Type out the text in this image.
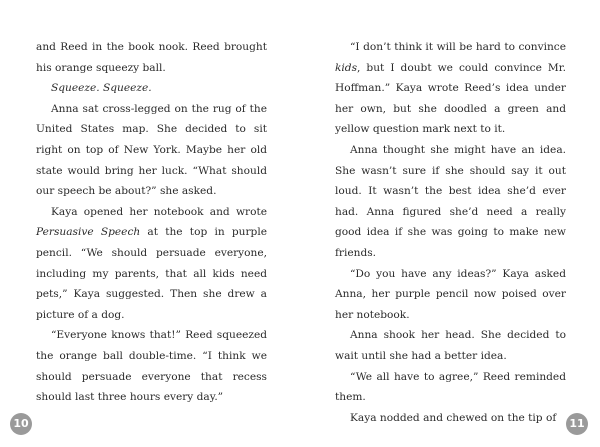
and Reed in the book nook. Reed brought his orange squeezy ball.

Squeeze. Squeeze.

Anna sat cross-legged on the rug of the United States map. She decided to sit right on top of New York. Maybe her old state would bring her luck. “What should our speech be about?” she asked.

Kaya opened her notebook and wrote Persuasive Speech at the top in purple pencil. “We should persuade everyone, including my parents, that all kids need pets,” Kaya suggested. Then she drew a picture of a dog.

“Everyone knows that!” Reed squeezed the orange ball double-time. “I think we should persuade everyone that recess should last three hours every day.”

“I don’t think it will be hard to convince kids, but I doubt we could convince Mr. Hoffman.” Kaya wrote Reed’s idea under her own, but she doodled a green and yellow question mark next to it.

Anna thought she might have an idea. She wasn’t sure if she should say it out loud. It wasn’t the best idea she’d ever had. Anna figured she’d need a really good idea if she was going to make new friends.

“Do you have any ideas?” Kaya asked Anna, her purple pencil now poised over her notebook.

Anna shook her head. She decided to wait until she had a better idea.

“We all have to agree,” Reed reminded them.

Kaya nodded and chewed on the tip of

10	11
